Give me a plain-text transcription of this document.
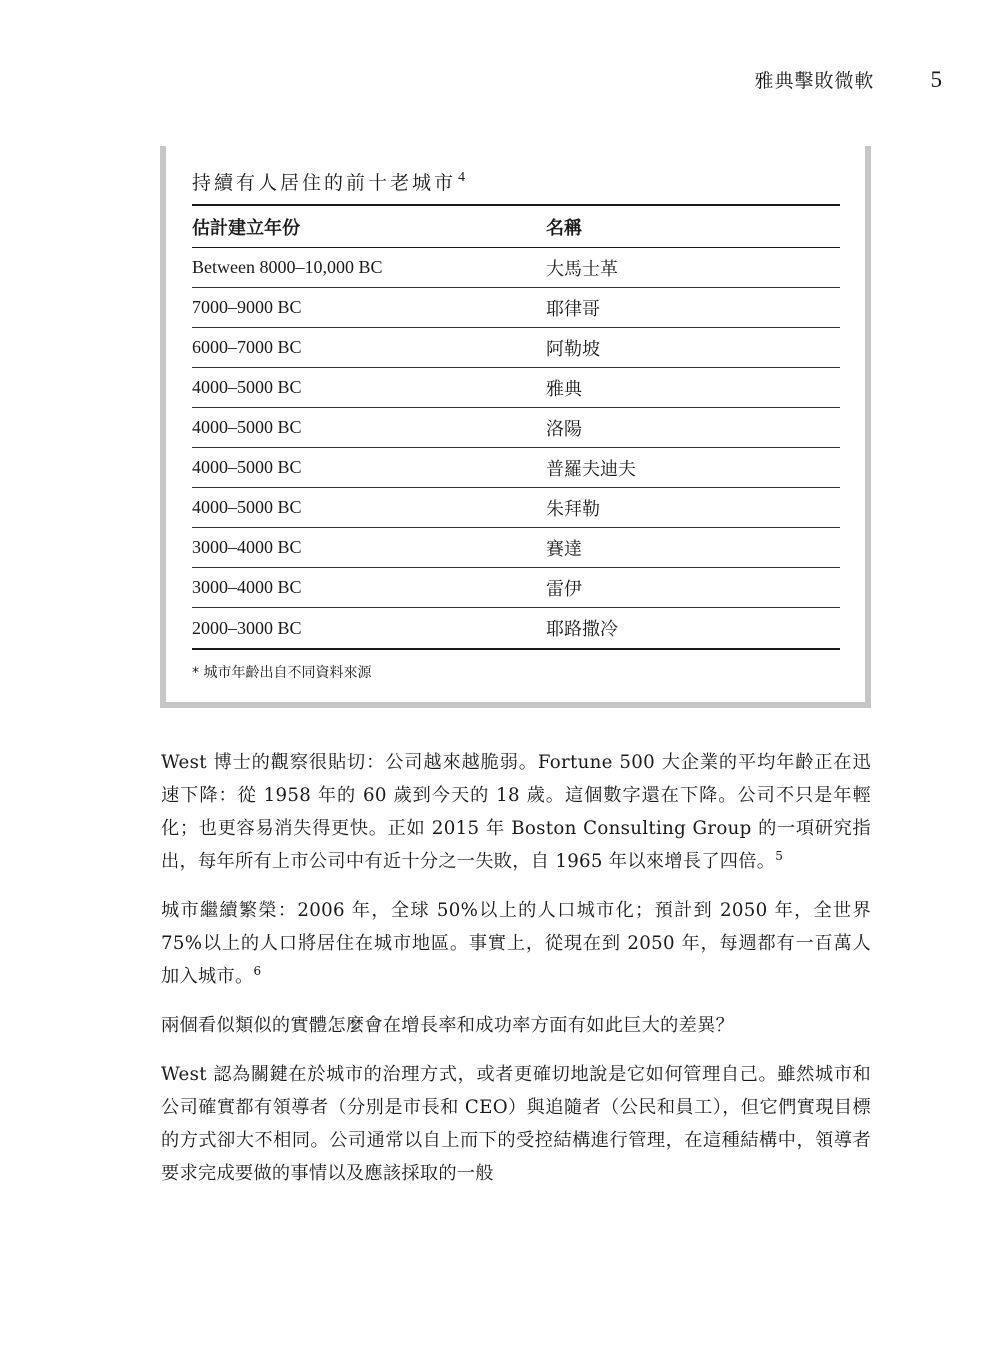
雅典擊敗微軟 5
持續有人居住的前十老城市 $^4$
估計建立年份	名稱
Between 8000–10,000 BC	大馬士革
7000–9000 BC	耶律哥
6000–7000 BC	阿勒坡
4000–5000 BC	雅典
4000–5000 BC	洛陽
4000–5000 BC	普羅夫迪夫
4000–5000 BC	朱拜勒
3000–4000 BC	賽達
3000–4000 BC	雷伊
2000–3000 BC	耶路撒冷
* 城市年齡出自不同資料來源

West 博士的觀察很貼切：公司越來越脆弱。Fortune 500 大企業的平均年齡正在迅速下降：從 1958 年的 60 歲到今天的 18 歲。這個數字還在下降。公司不只是年輕化；也更容易消失得更快。正如 2015 年 Boston Consulting Group 的一項研究指出，每年所有上市公司中有近十分之一失敗，自 1965 年以來增長了四倍。$^5$

城市繼續繁榮：2006 年，全球 50%以上的人口城市化；預計到 2050 年，全世界 75%以上的人口將居住在城市地區。事實上，從現在到 2050 年，每週都有一百萬人加入城市。$^6$

兩個看似類似的實體怎麼會在增長率和成功率方面有如此巨大的差異？

West 認為關鍵在於城市的治理方式，或者更確切地說是它如何管理自己。雖然城市和公司確實都有領導者（分別是市長和 CEO）與追隨者（公民和員工），但它們實現目標的方式卻大不相同。公司通常以自上而下的受控結構進行管理，在這種結構中，領導者要求完成要做的事情以及應該採取的一般
